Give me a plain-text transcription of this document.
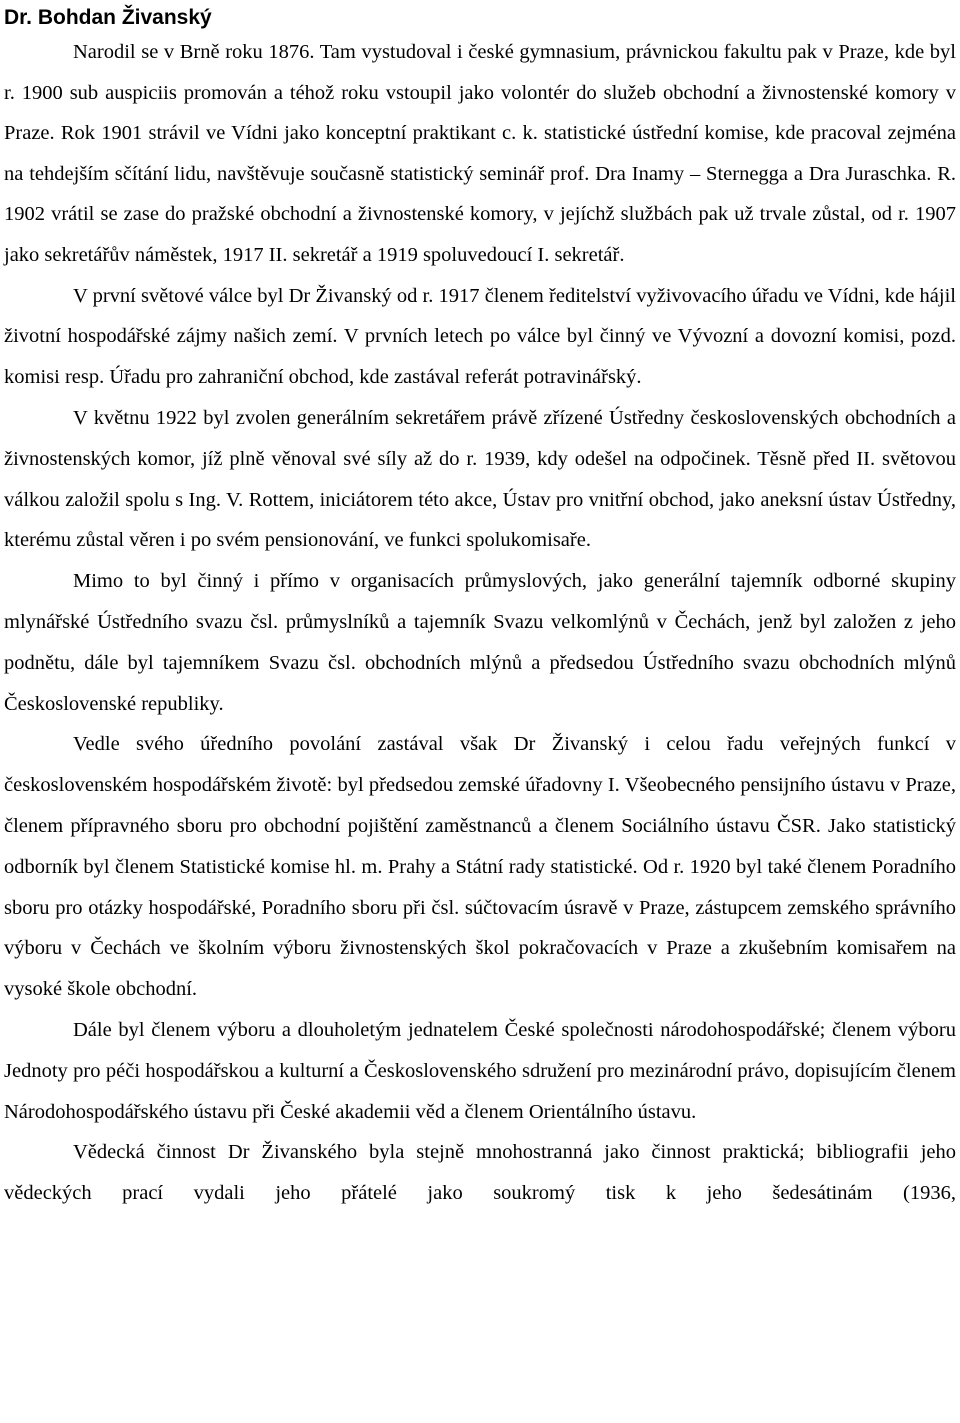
Dr. Bohdan Živanský

Narodil se v Brně roku 1876. Tam vystudoval i české gymnasium, právnickou fakultu pak v Praze, kde byl r. 1900 sub auspiciis promován a téhož roku vstoupil jako volontér do služeb obchodní a živnostenské komory v Praze. Rok 1901 strávil ve Vídni jako konceptní praktikant c. k. statistické ústřední komise, kde pracoval zejména na tehdejším sčítání lidu, navštěvuje současně statistický seminář prof. Dra Inamy – Sternegga a Dra Juraschka. R. 1902 vrátil se zase do pražské obchodní a živnostenské komory, v jejíchž službách pak už trvale zůstal, od r. 1907 jako sekretářův náměstek, 1917 II. sekretář a 1919 spoluvedoucí I. sekretář.

V první světové válce byl Dr Živanský od r. 1917 členem ředitelství vyživovacího úřadu ve Vídni, kde hájil životní hospodářské zájmy našich zemí. V prvních letech po válce byl činný ve Vývozní a dovozní komisi, pozd. komisi resp. Úřadu pro zahraniční obchod, kde zastával referát potravinářský.

V květnu 1922 byl zvolen generálním sekretářem právě zřízené Ústředny československých obchodních a živnostenských komor, jíž plně věnoval své síly až do r. 1939, kdy odešel na odpočinek. Těsně před II. světovou válkou založil spolu s Ing. V. Rottem, iniciátorem této akce, Ústav pro vnitřní obchod, jako aneksní ústav Ústředny, kterému zůstal věren i po svém pensionování, ve funkci spolukomisaře.

Mimo to byl činný i přímo v organisacích průmyslových, jako generální tajemník odborné skupiny mlynářské Ústředního svazu čsl. průmyslníků a tajemník Svazu velkomlýnů v Čechách, jenž byl založen z jeho podnětu, dále byl tajemníkem Svazu čsl. obchodních mlýnů a předsedou Ústředního svazu obchodních mlýnů Československé republiky.

Vedle svého úředního povolání zastával však Dr Živanský i celou řadu veřejných funkcí v československém hospodářském životě: byl předsedou zemské úřadovny I. Všeobecného pensijního ústavu v Praze, členem přípravného sboru pro obchodní pojištění zaměstnanců a členem Sociálního ústavu ČSR. Jako statistický odborník byl členem Statistické komise hl. m. Prahy a Státní rady statistické. Od r. 1920 byl také členem Poradního sboru pro otázky hospodářské, Poradního sboru při čsl. súčtovacím úsravě v Praze, zástupcem zemského správního výboru v Čechách ve školním výboru živnostenských škol pokračovacích v Praze a zkušebním komisařem na vysoké škole obchodní.

Dále byl členem výboru a dlouholetým jednatelem České společnosti národohospodářské; členem výboru Jednoty pro péči hospodářskou a kulturní a Československého sdružení pro mezinárodní právo, dopisujícím členem Národohospodářského ústavu při České akademii věd a členem Orientálního ústavu.

Vědecká činnost Dr Živanského byla stejně mnohostranná jako činnost praktická; bibliografii jeho vědeckých prací vydali jeho přátelé jako soukromý tisk k jeho šedesátinám (1936,
